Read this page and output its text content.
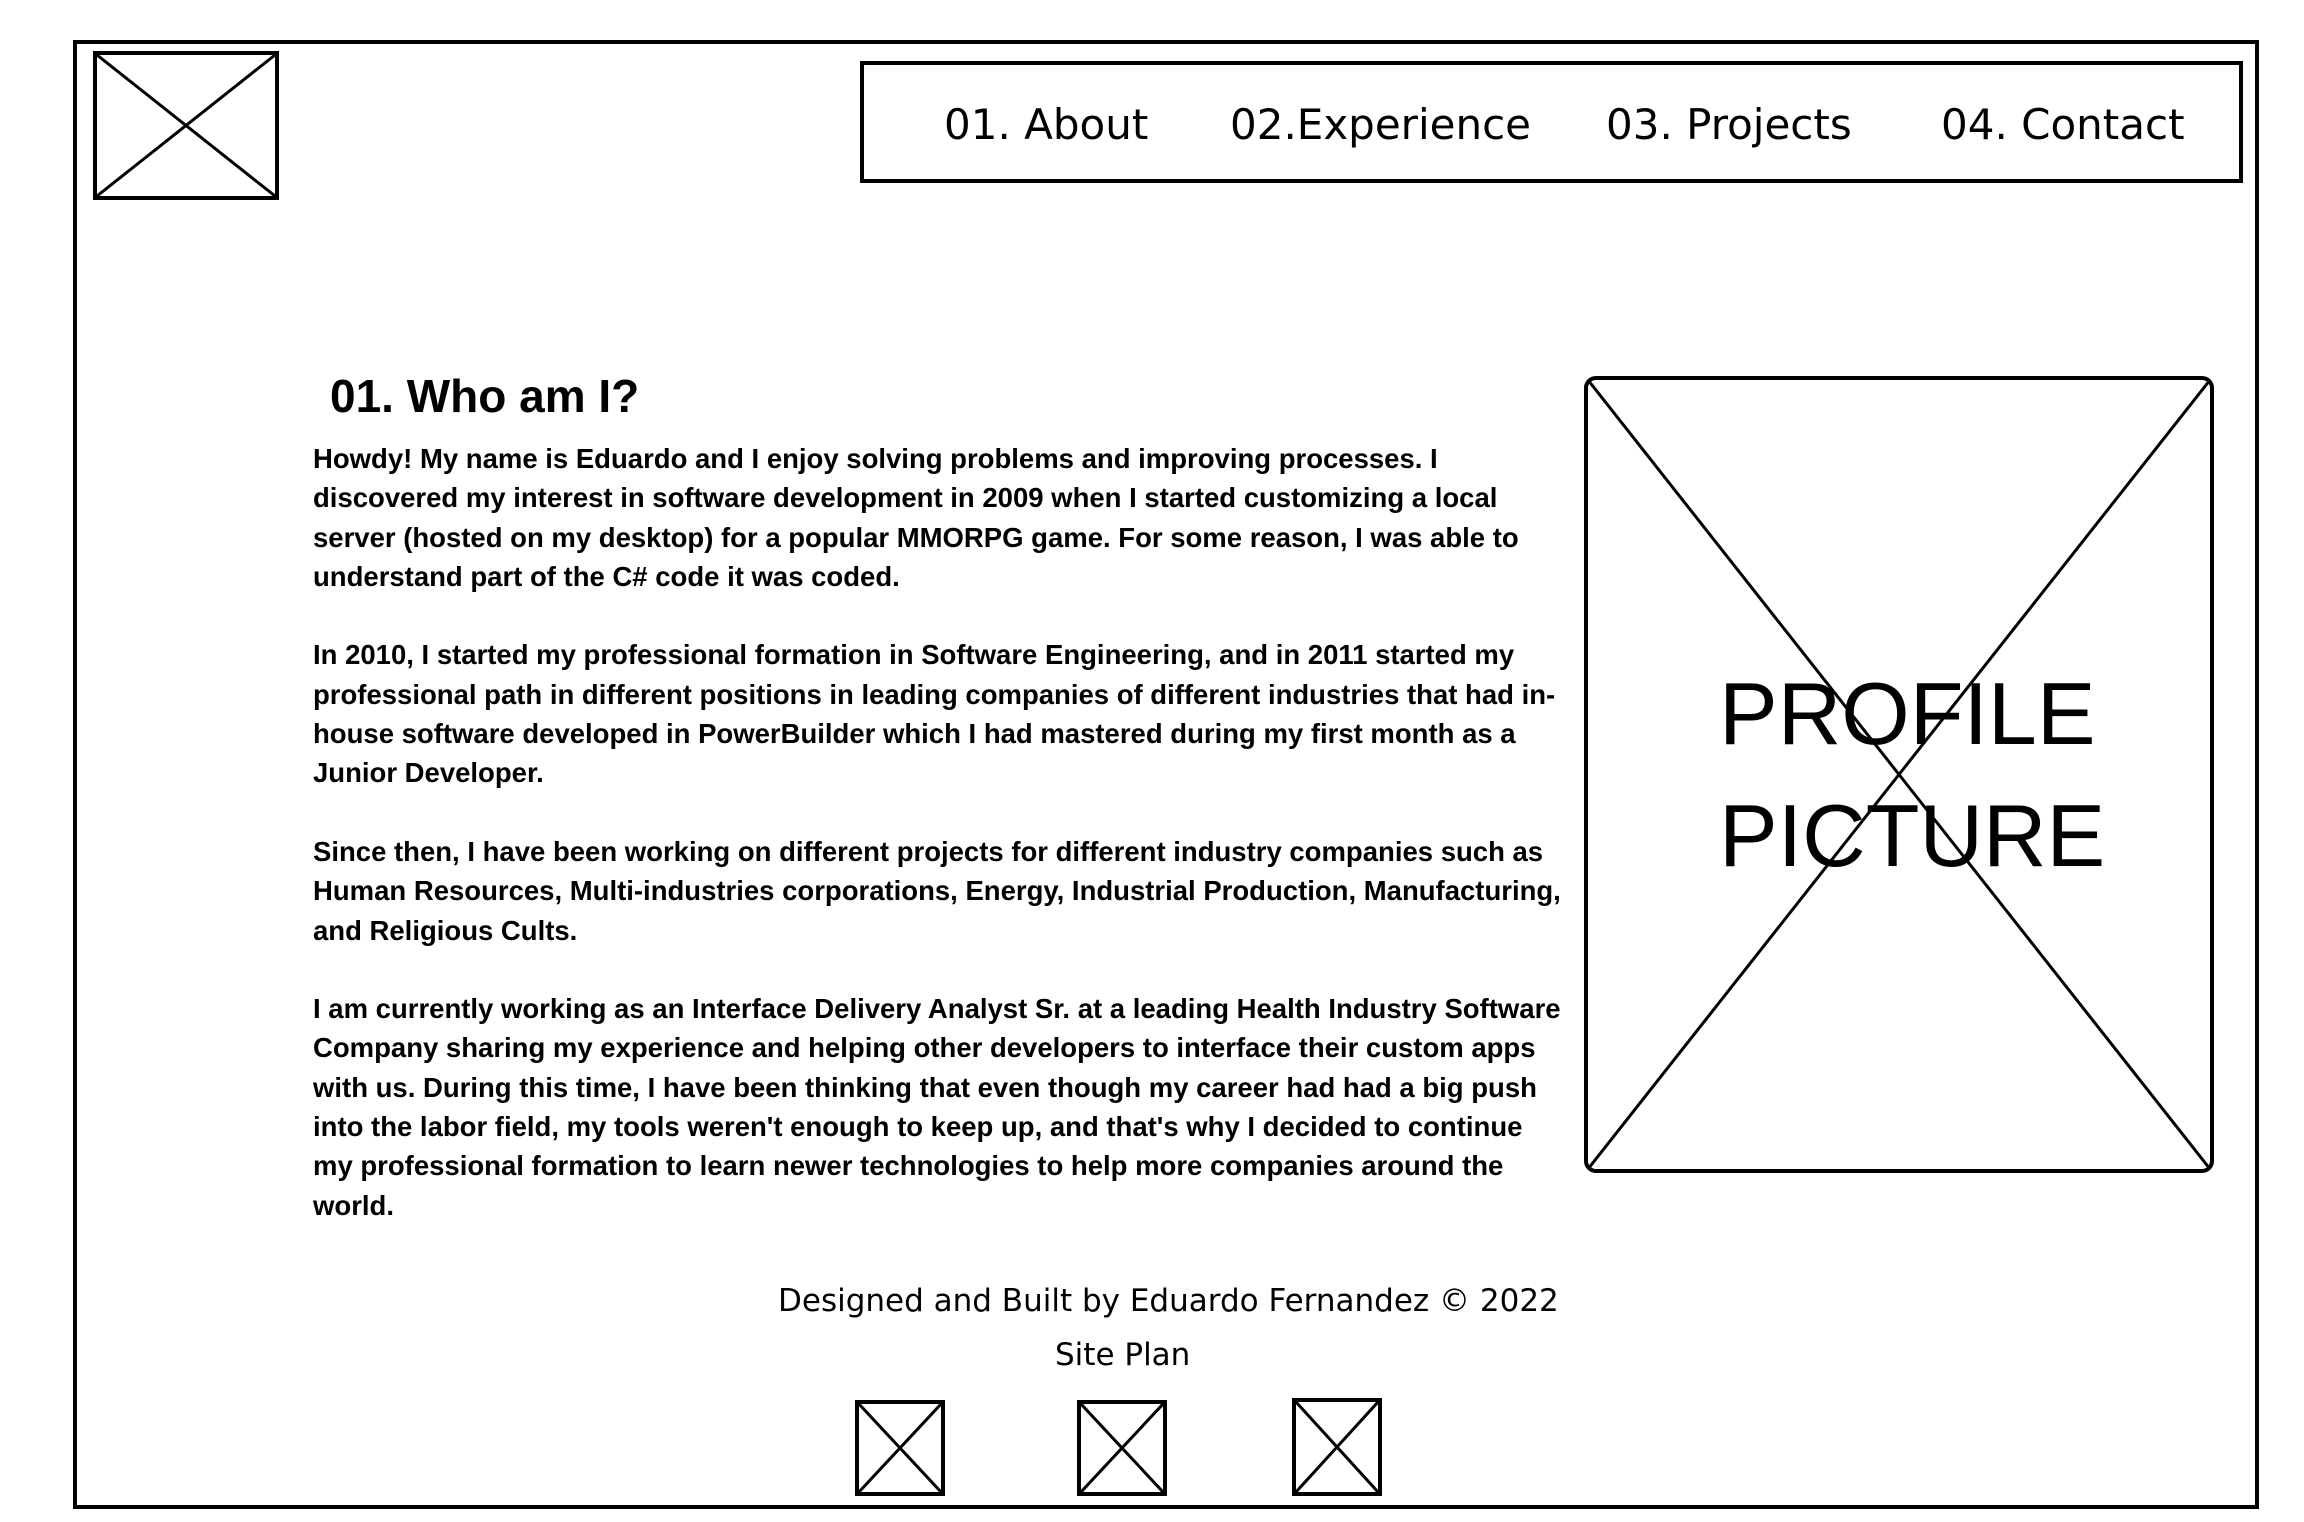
01. About 02.Experience 03. Projects 04. Contact
01. Who am I?

Howdy! My name is Eduardo and I enjoy solving problems and improving processes. I discovered my interest in software development in 2009 when I started customizing a local server (hosted on my desktop) for a popular MMORPG game. For some reason, I was able to understand part of the C# code it was coded.

In 2010, I started my professional formation in Software Engineering, and in 2011 started my professional path in different positions in leading companies of different industries that had in-house software developed in PowerBuilder which I had mastered during my first month as a Junior Developer.

Since then, I have been working on different projects for different industry companies such as Human Resources, Multi-industries corporations, Energy, Industrial Production, Manufacturing, and Religious Cults.

I am currently working as an Interface Delivery Analyst Sr. at a leading Health Industry Software Company sharing my experience and helping other developers to interface their custom apps with us. During this time, I have been thinking that even though my career had had a big push into the labor field, my tools weren't enough to keep up, and that's why I decided to continue my professional formation to learn newer technologies to help more companies around the world.

PROFILE
PICTURE
Designed and Built by Eduardo Fernandez © 2022
Site Plan
